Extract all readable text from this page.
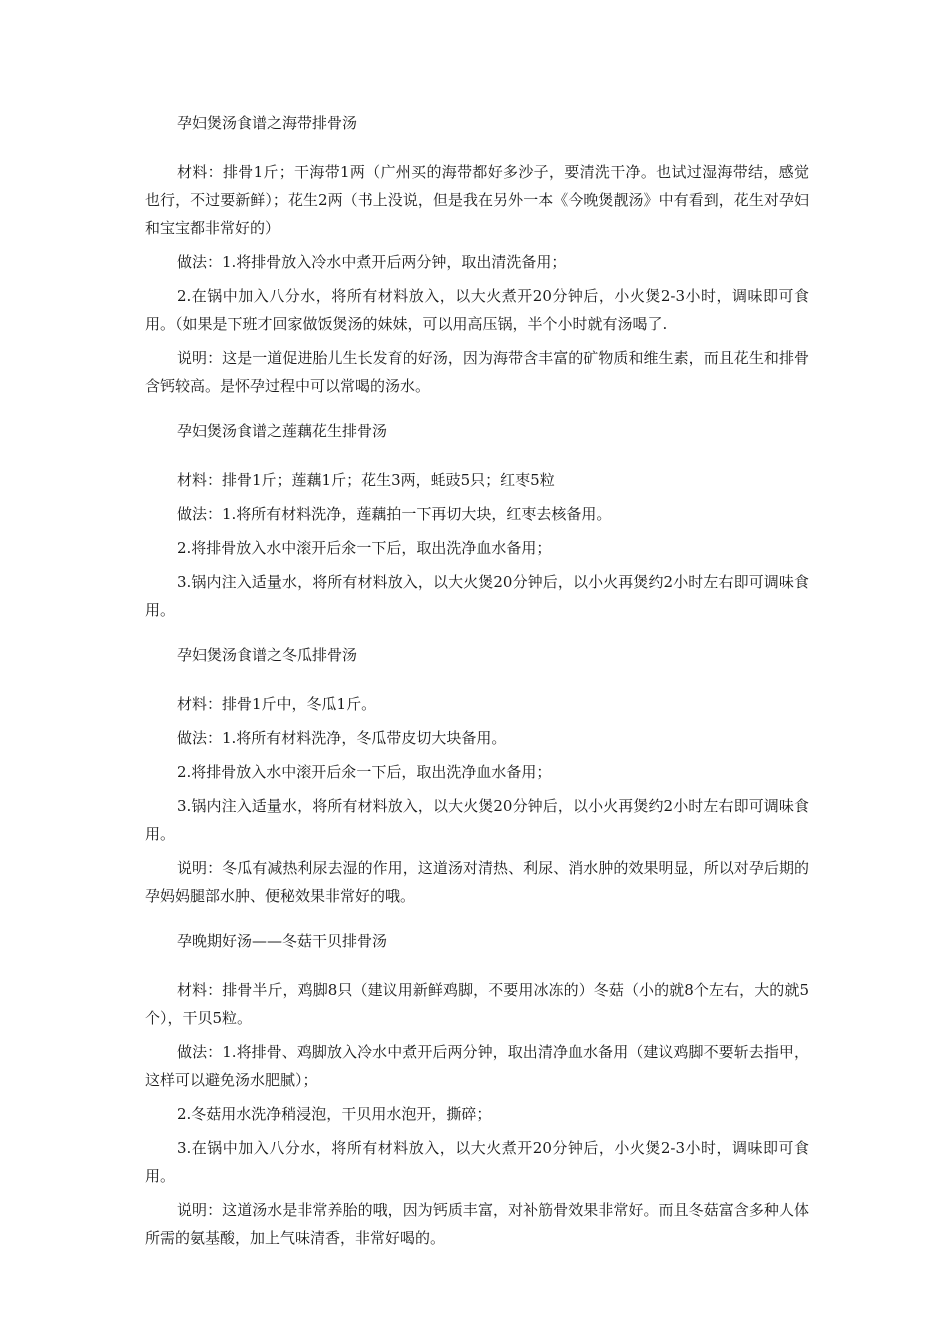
孕妇煲汤食谱之海带排骨汤

材料：排骨1斤；干海带1两（广州买的海带都好多沙子，要清洗干净。也试过湿海带结，感觉也行，不过要新鲜）；花生2两（书上没说，但是我在另外一本《今晚煲靓汤》中有看到，花生对孕妇和宝宝都非常好的）

做法：1.将排骨放入冷水中煮开后两分钟，取出清洗备用；

2.在锅中加入八分水，将所有材料放入，以大火煮开20分钟后，小火煲2-3小时，调味即可食用。（如果是下班才回家做饭煲汤的妹妹，可以用高压锅，半个小时就有汤喝了.

说明：这是一道促进胎儿生长发育的好汤，因为海带含丰富的矿物质和维生素，而且花生和排骨含钙较高。是怀孕过程中可以常喝的汤水。

孕妇煲汤食谱之莲藕花生排骨汤

材料：排骨1斤；莲藕1斤；花生3两，蚝豉5只；红枣5粒

做法：1.将所有材料洗净，莲藕拍一下再切大块，红枣去核备用。

2.将排骨放入水中滚开后氽一下后，取出洗净血水备用；

3.锅内注入适量水，将所有材料放入，以大火煲20分钟后，以小火再煲约2小时左右即可调味食用。

孕妇煲汤食谱之冬瓜排骨汤

材料：排骨1斤中，冬瓜1斤。

做法：1.将所有材料洗净，冬瓜带皮切大块备用。

2.将排骨放入水中滚开后氽一下后，取出洗净血水备用；

3.锅内注入适量水，将所有材料放入，以大火煲20分钟后，以小火再煲约2小时左右即可调味食用。

说明：冬瓜有减热利尿去湿的作用，这道汤对清热、利尿、消水肿的效果明显，所以对孕后期的孕妈妈腿部水肿、便秘效果非常好的哦。

孕晚期好汤——冬菇干贝排骨汤

材料：排骨半斤，鸡脚8只（建议用新鲜鸡脚，不要用冰冻的）冬菇（小的就8个左右，大的就5个），干贝5粒。

做法：1.将排骨、鸡脚放入冷水中煮开后两分钟，取出清净血水备用（建议鸡脚不要斩去指甲，这样可以避免汤水肥腻）；

2.冬菇用水洗净稍浸泡，干贝用水泡开，撕碎；

3.在锅中加入八分水，将所有材料放入，以大火煮开20分钟后，小火煲2-3小时，调味即可食用。

说明：这道汤水是非常养胎的哦，因为钙质丰富，对补筋骨效果非常好。而且冬菇富含多种人体所需的氨基酸，加上气味清香，非常好喝的。
